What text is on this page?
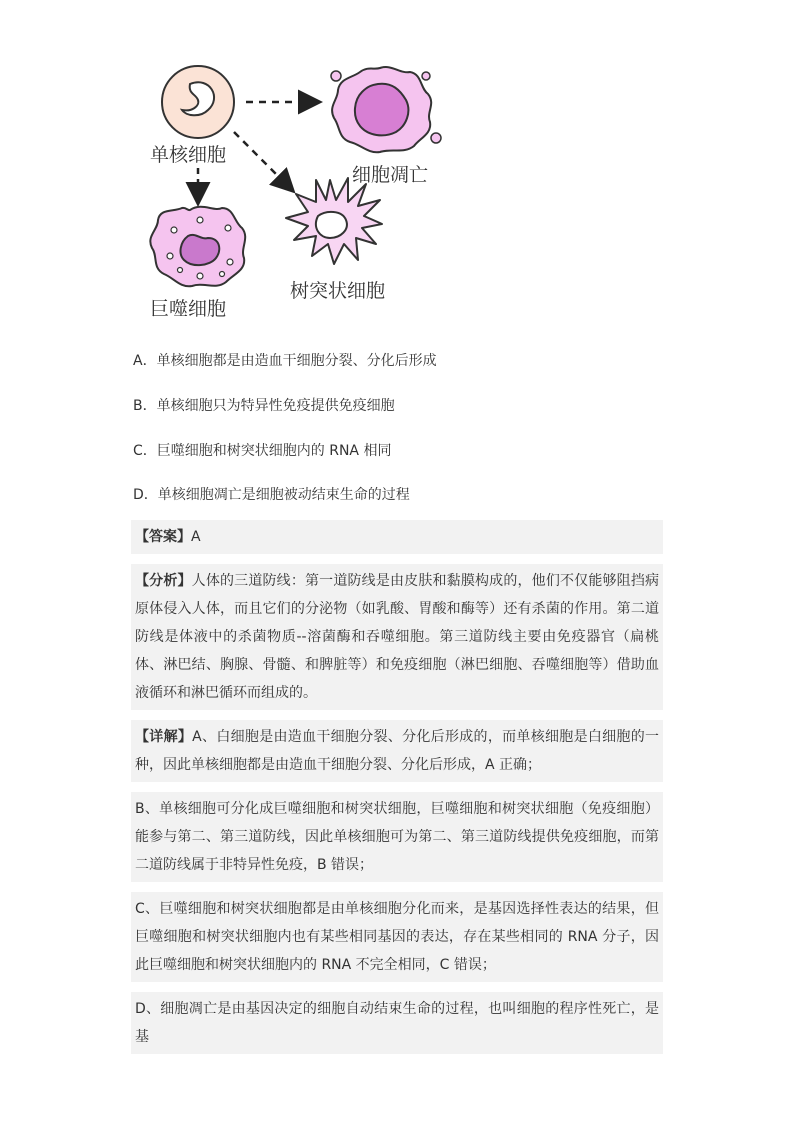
单核细胞
细胞凋亡
树突状细胞
巨噬细胞
A．单核细胞都是由造血干细胞分裂、分化后形成
B．单核细胞只为特异性免疫提供免疫细胞
C．巨噬细胞和树突状细胞内的 RNA 相同
D．单核细胞凋亡是细胞被动结束生命的过程

【答案】A

【分析】人体的三道防线：第一道防线是由皮肤和黏膜构成的，他们不仅能够阻挡病原体侵入人体，而且它们的分泌物（如乳酸、胃酸和酶等）还有杀菌的作用。第二道防线是体液中的杀菌物质--溶菌酶和吞噬细胞。第三道防线主要由免疫器官（扁桃体、淋巴结、胸腺、骨髓、和脾脏等）和免疫细胞（淋巴细胞、吞噬细胞等）借助血液循环和淋巴循环而组成的。

【详解】A、白细胞是由造血干细胞分裂、分化后形成的，而单核细胞是白细胞的一种，因此单核细胞都是由造血干细胞分裂、分化后形成，A 正确；

B、单核细胞可分化成巨噬细胞和树突状细胞，巨噬细胞和树突状细胞（免疫细胞）能参与第二、第三道防线，因此单核细胞可为第二、第三道防线提供免疫细胞，而第二道防线属于非特异性免疫，B 错误；

C、巨噬细胞和树突状细胞都是由单核细胞分化而来，是基因选择性表达的结果，但巨噬细胞和树突状细胞内也有某些相同基因的表达，存在某些相同的 RNA 分子，因此巨噬细胞和树突状细胞内的 RNA 不完全相同，C 错误；

D、细胞凋亡是由基因决定的细胞自动结束生命的过程，也叫细胞的程序性死亡，是基
